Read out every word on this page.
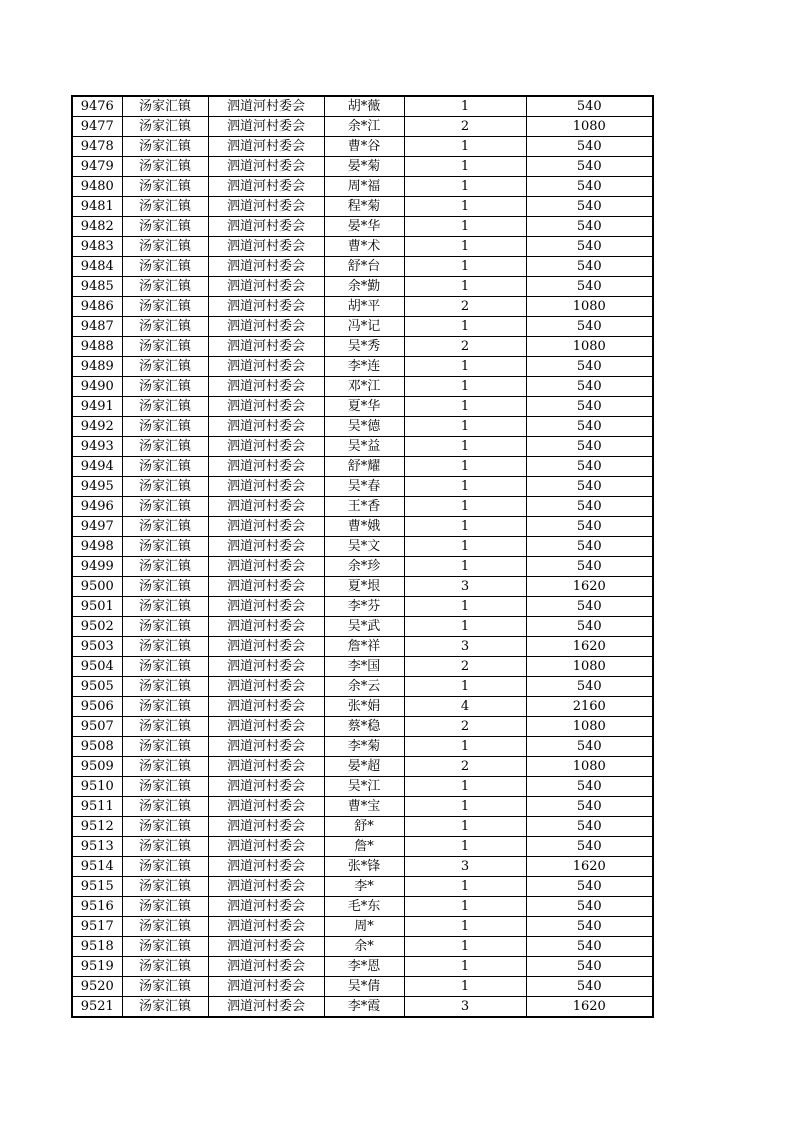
9476	汤家汇镇	泗道河村委会	胡*薇	1	540
9477	汤家汇镇	泗道河村委会	余*江	2	1080
9478	汤家汇镇	泗道河村委会	曹*谷	1	540
9479	汤家汇镇	泗道河村委会	晏*菊	1	540
9480	汤家汇镇	泗道河村委会	周*福	1	540
9481	汤家汇镇	泗道河村委会	程*菊	1	540
9482	汤家汇镇	泗道河村委会	晏*华	1	540
9483	汤家汇镇	泗道河村委会	曹*术	1	540
9484	汤家汇镇	泗道河村委会	舒*台	1	540
9485	汤家汇镇	泗道河村委会	余*勤	1	540
9486	汤家汇镇	泗道河村委会	胡*平	2	1080
9487	汤家汇镇	泗道河村委会	冯*记	1	540
9488	汤家汇镇	泗道河村委会	吴*秀	2	1080
9489	汤家汇镇	泗道河村委会	李*连	1	540
9490	汤家汇镇	泗道河村委会	邓*江	1	540
9491	汤家汇镇	泗道河村委会	夏*华	1	540
9492	汤家汇镇	泗道河村委会	吴*德	1	540
9493	汤家汇镇	泗道河村委会	吴*益	1	540
9494	汤家汇镇	泗道河村委会	舒*耀	1	540
9495	汤家汇镇	泗道河村委会	吴*春	1	540
9496	汤家汇镇	泗道河村委会	王*香	1	540
9497	汤家汇镇	泗道河村委会	曹*娥	1	540
9498	汤家汇镇	泗道河村委会	吴*文	1	540
9499	汤家汇镇	泗道河村委会	余*珍	1	540
9500	汤家汇镇	泗道河村委会	夏*垠	3	1620
9501	汤家汇镇	泗道河村委会	李*芬	1	540
9502	汤家汇镇	泗道河村委会	吴*武	1	540
9503	汤家汇镇	泗道河村委会	詹*祥	3	1620
9504	汤家汇镇	泗道河村委会	李*国	2	1080
9505	汤家汇镇	泗道河村委会	余*云	1	540
9506	汤家汇镇	泗道河村委会	张*娟	4	2160
9507	汤家汇镇	泗道河村委会	蔡*稳	2	1080
9508	汤家汇镇	泗道河村委会	李*菊	1	540
9509	汤家汇镇	泗道河村委会	晏*超	2	1080
9510	汤家汇镇	泗道河村委会	吴*江	1	540
9511	汤家汇镇	泗道河村委会	曹*宝	1	540
9512	汤家汇镇	泗道河村委会	舒*	1	540
9513	汤家汇镇	泗道河村委会	詹*	1	540
9514	汤家汇镇	泗道河村委会	张*锋	3	1620
9515	汤家汇镇	泗道河村委会	李*	1	540
9516	汤家汇镇	泗道河村委会	毛*东	1	540
9517	汤家汇镇	泗道河村委会	周*	1	540
9518	汤家汇镇	泗道河村委会	余*	1	540
9519	汤家汇镇	泗道河村委会	李*恩	1	540
9520	汤家汇镇	泗道河村委会	吴*倩	1	540
9521	汤家汇镇	泗道河村委会	李*霞	3	1620
